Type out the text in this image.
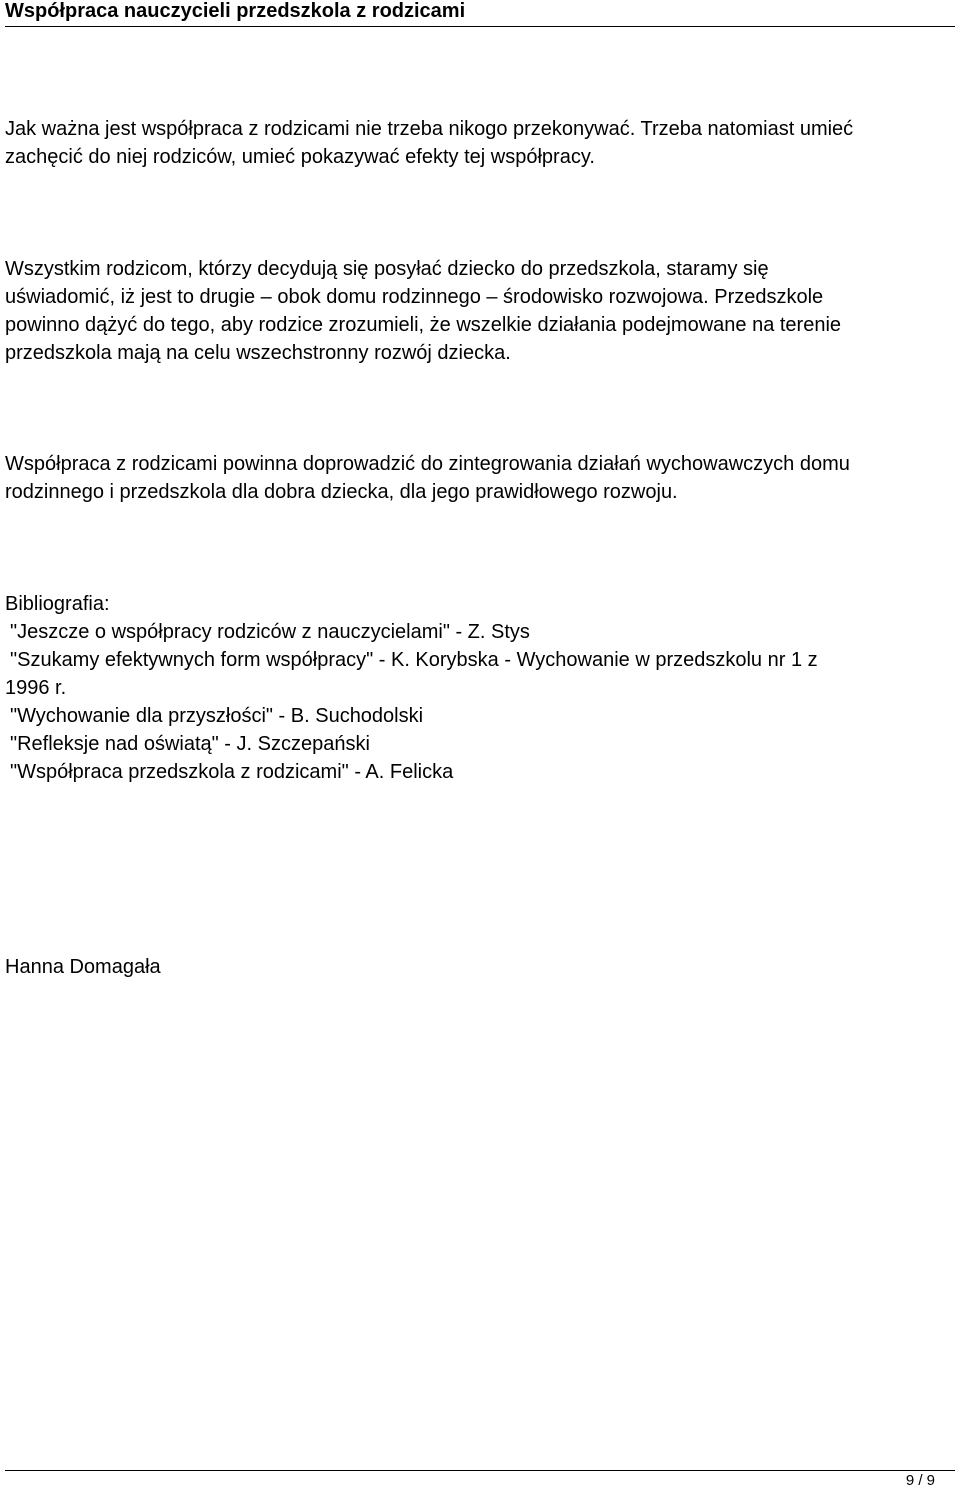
Współpraca nauczycieli przedszkola z rodzicami

Jak ważna jest współpraca z rodzicami nie trzeba nikogo przekonywać. Trzeba natomiast umieć
zachęcić do niej rodziców, umieć pokazywać efekty tej współpracy.

Wszystkim rodzicom, którzy decydują się posyłać dziecko do przedszkola, staramy się
uświadomić, iż jest to drugie – obok domu rodzinnego – środowisko rozwojowa. Przedszkole
powinno dążyć do tego, aby rodzice zrozumieli, że wszelkie działania podejmowane na terenie
przedszkola mają na celu wszechstronny rozwój dziecka.

Współpraca z rodzicami powinna doprowadzić do zintegrowania działań wychowawczych domu
rodzinnego i przedszkola dla dobra dziecka, dla jego prawidłowego rozwoju.

Bibliografia:
"Jeszcze o współpracy rodziców z nauczycielami" - Z. Stys
"Szukamy efektywnych form współpracy" - K. Korybska - Wychowanie w przedszkolu nr 1 z
1996 r.
"Wychowanie dla przyszłości" - B. Suchodolski
"Refleksje nad oświatą" - J. Szczepański
"Współpraca przedszkola z rodzicami" - A. Felicka
Hanna Domagała
9 / 9
